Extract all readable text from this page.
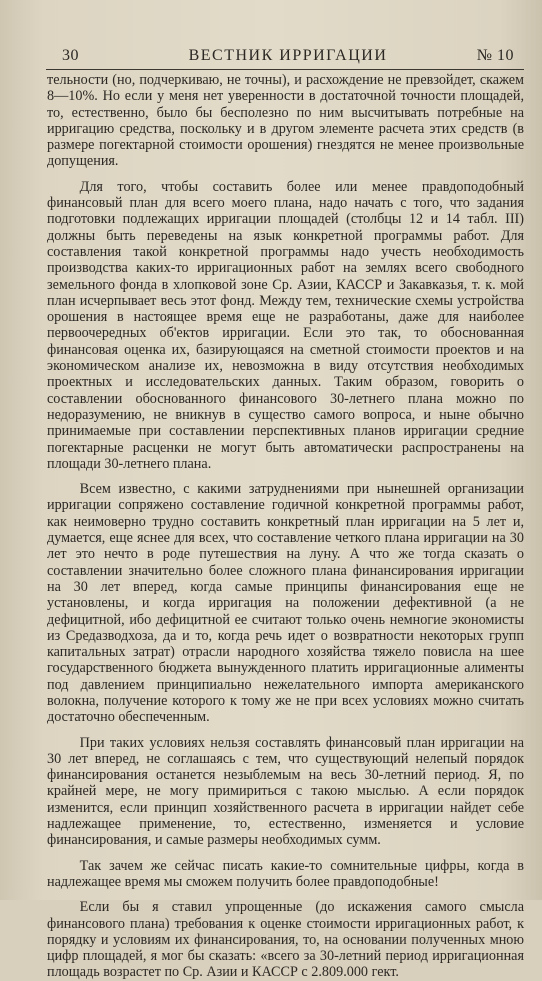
30	ВЕСТНИК ИРРИГАЦИИ	№ 10

тельности (но, подчеркиваю, не точны), и расхождение не превзойдет, скажем 8—10%. Но если у меня нет уверенности в достаточной точности площадей, то, естественно, было бы бесполезно по ним высчитывать потребные на ирригацию средства, поскольку и в другом элементе расчета этих средств (в размере погектарной стоимости орошения) гнездятся не менее произвольные допущения.

Для того, чтобы составить более или менее правдоподобный финансовый план для всего моего плана, надо начать с того, что задания подготовки подлежащих ирригации площадей (столбцы 12 и 14 табл. III) должны быть переведены на язык конкретной программы работ. Для составления такой конкретной программы надо учесть необходимость производства каких-то ирригационных работ на землях всего свободного земельного фонда в хлопковой зоне Ср. Азии, КАССР и Закавказья, т. к. мой план исчерпывает весь этот фонд. Между тем, технические схемы устройства орошения в настоящее время еще не разработаны, даже для наиболее первоочередных об'ектов ирригации. Если это так, то обоснованная финансовая оценка их, базирующаяся на сметной стоимости проектов и на экономическом анализе их, невозможна в виду отсутствия необходимых проектных и исследовательских данных. Таким образом, говорить о составлении обоснованного финансового 30-летнего плана можно по недоразумению, не вникнув в существо самого вопроса, и ныне обычно принимаемые при составлении перспективных планов ирригации средние погектарные расценки не могут быть автоматически распространены на площади 30-летнего плана.

Всем известно, с какими затруднениями при нынешней организации ирригации сопряжено составление годичной конкретной программы работ, как неимоверно трудно составить конкретный план ирригации на 5 лет и, думается, еще яснее для всех, что составление четкого плана ирригации на 30 лет это нечто в роде путешествия на луну. А что же тогда сказать о составлении значительно более сложного плана финансирования ирригации на 30 лет вперед, когда самые принципы финансирования еще не установлены, и когда ирригация на положении дефективной (а не дефицитной, ибо дефицитной ее считают только очень немногие экономисты из Средазводхоза, да и то, когда речь идет о возвратности некоторых групп капитальных затрат) отрасли народного хозяйства тяжело повисла на шее государственного бюджета вынужденного платить ирригационные алименты под давлением принципиально нежелательного импорта американского волокна, получение которого к тому же не при всех условиях можно считать достаточно обеспеченным.

При таких условиях нельзя составлять финансовый план ирригации на 30 лет вперед, не соглашаясь с тем, что существующий нелепый порядок финансирования останется незыблемым на весь 30-летний период. Я, по крайней мере, не могу примириться с такою мыслью. А если порядок изменится, если принцип хозяйственного расчета в ирригации найдет себе надлежащее применение, то, естественно, изменяется и условие финансирования, и самые размеры необходимых сумм.

Так зачем же сейчас писать какие-то сомнительные цифры, когда в надлежащее время мы сможем получить более правдоподобные!

Если бы я ставил упрощенные (до искажения самого смысла финансового плана) требования к оценке стоимости ирригационных работ, к порядку и условиям их финансирования, то, на основании полученных мною цифр площадей, я мог бы сказать: «всего за 30-летний период ирригационная площадь возрастет по Ср. Азии и КАССР с 2.809.000 гект.
